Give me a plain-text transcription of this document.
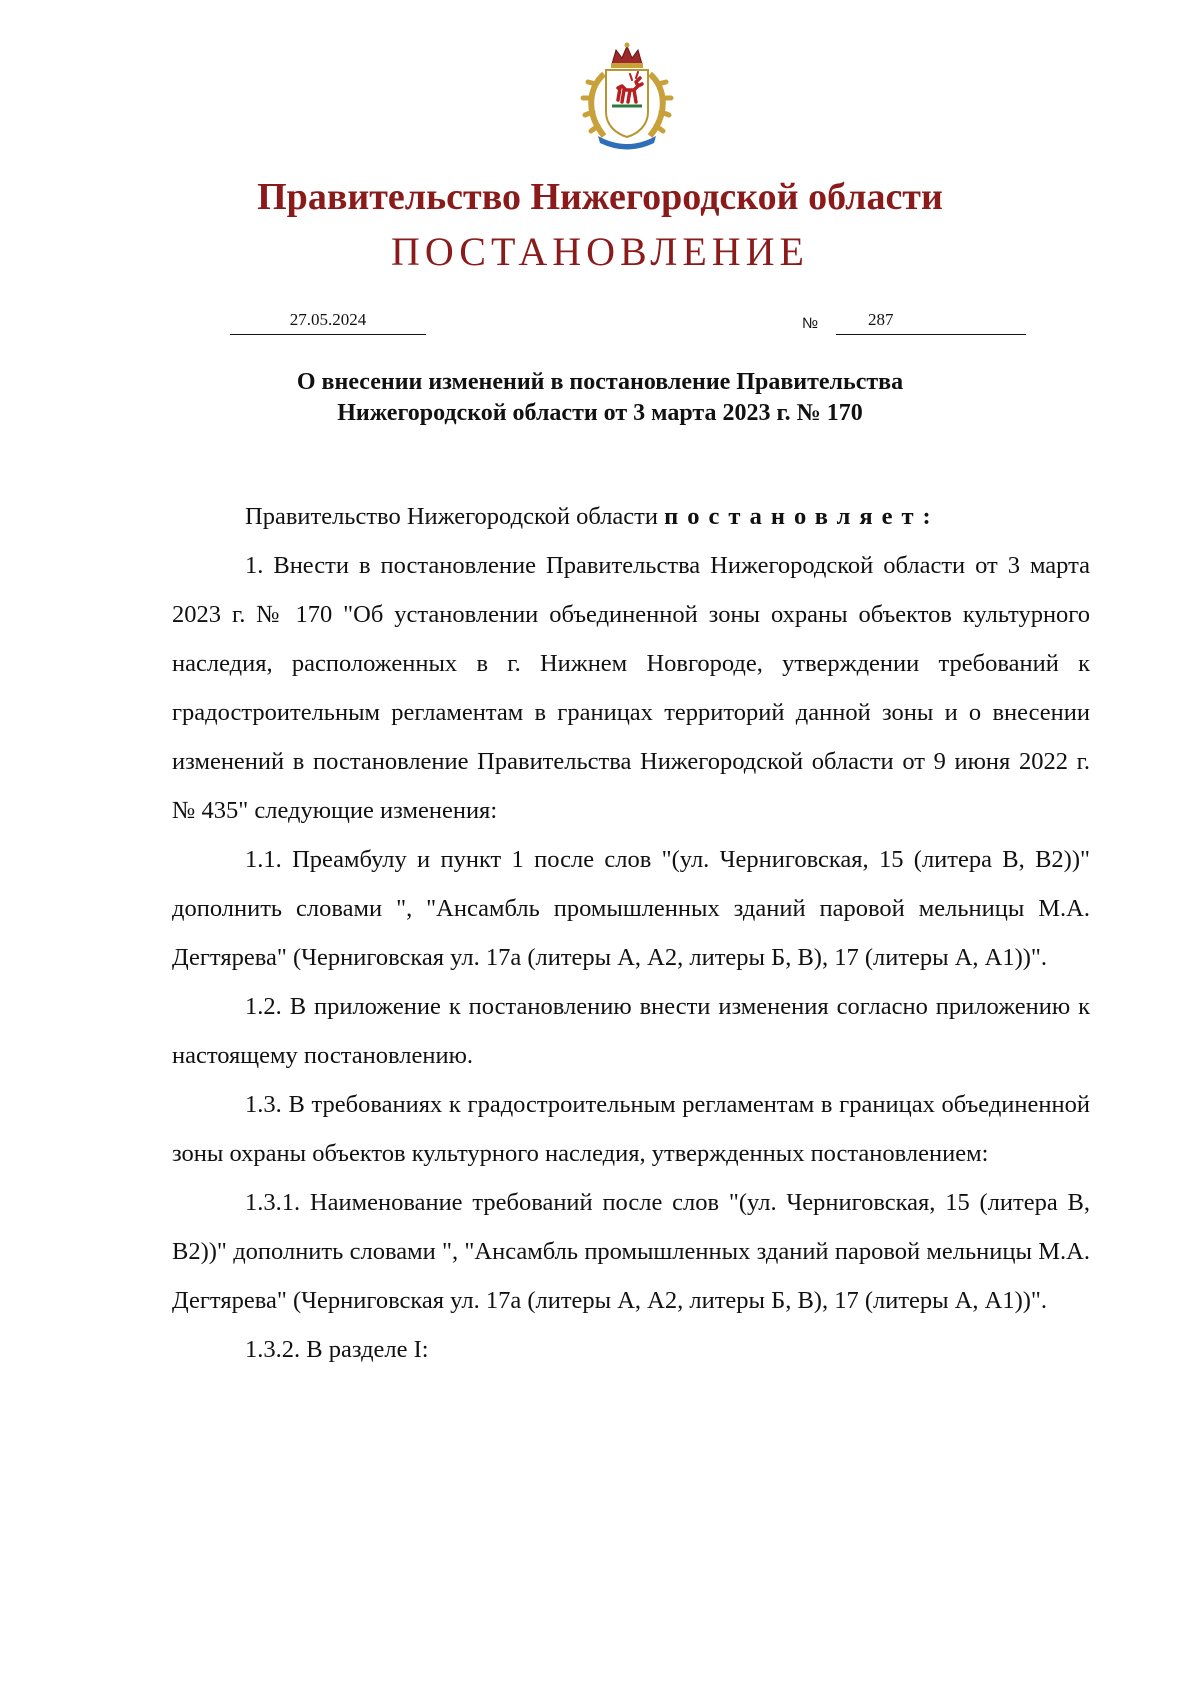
Правительство Нижегородской области
ПОСТАНОВЛЕНИЕ
27.05.2024	№	287
О внесении изменений в постановление Правительства
Нижегородской области от 3 марта 2023 г. № 170

Правительство Нижегородской области постановляет:

1. Внести в постановление Правительства Нижегородской области от 3 марта 2023 г. № 170 "Об установлении объединенной зоны охраны объектов культурного наследия, расположенных в г. Нижнем Новгороде, утверждении требований к градостроительным регламентам в границах территорий данной зоны и о внесении изменений в постановление Правительства Нижегородской области от 9 июня 2022 г. № 435" следующие изменения:

1.1. Преамбулу и пункт 1 после слов "(ул. Черниговская, 15 (литера В, В2))" дополнить словами ", "Ансамбль промышленных зданий паровой мельницы М.А. Дегтярева" (Черниговская ул. 17а (литеры А, А2, литеры Б, В), 17 (литеры А, А1))".

1.2. В приложение к постановлению внести изменения согласно приложению к настоящему постановлению.

1.3. В требованиях к градостроительным регламентам в границах объединенной зоны охраны объектов культурного наследия, утвержденных постановлением:

1.3.1. Наименование требований после слов "(ул. Черниговская, 15 (литера В, В2))" дополнить словами ", "Ансамбль промышленных зданий паровой мельницы М.А. Дегтярева" (Черниговская ул. 17а (литеры А, А2, литеры Б, В), 17 (литеры А, А1))".

1.3.2. В разделе I:
